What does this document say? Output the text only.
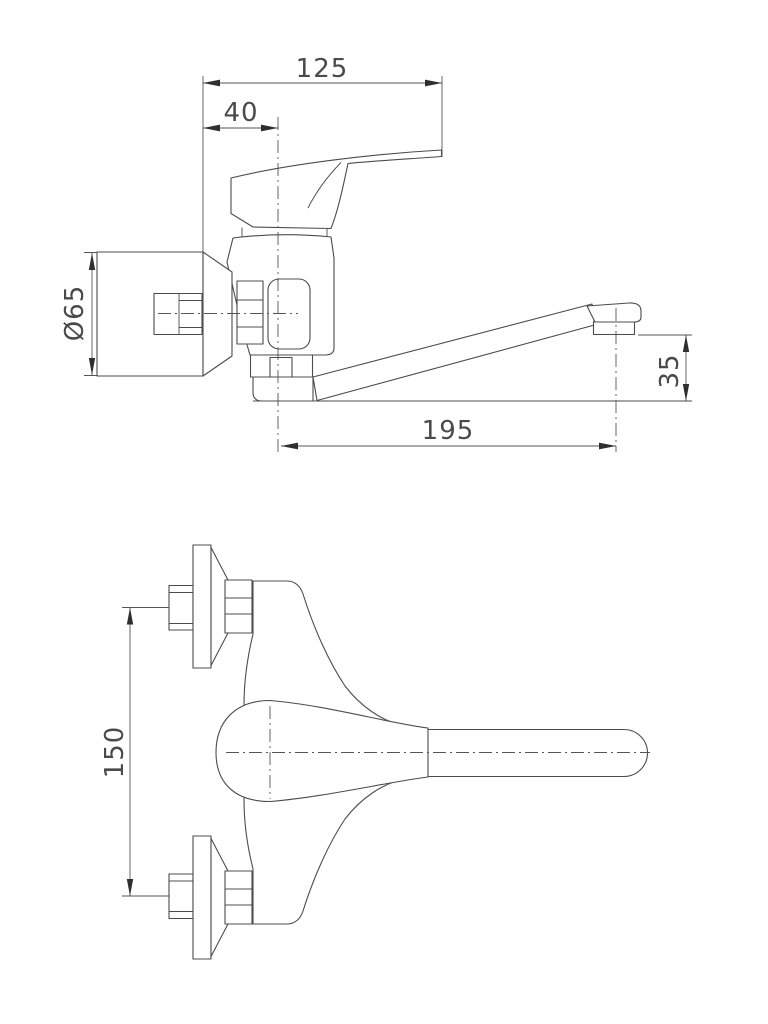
125
40
Ø65
195
35
150
